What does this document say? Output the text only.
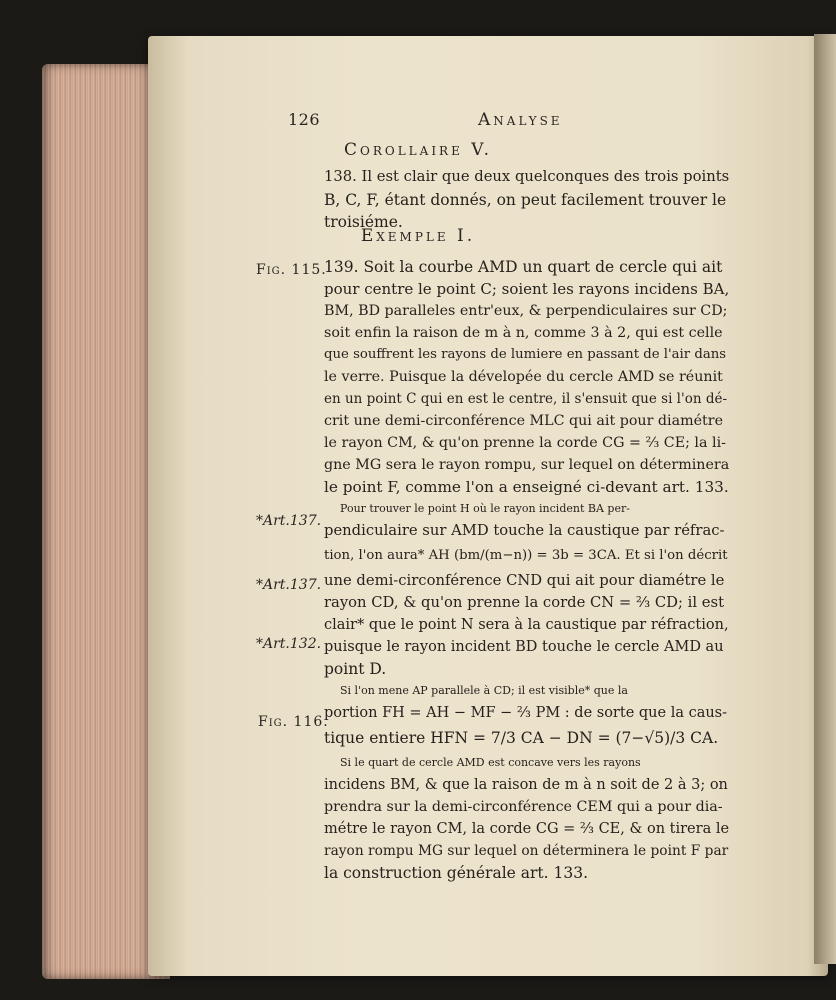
126	Analyse
Corollaire V.
Exemple I.
Fig. 115.
*Art.137.
*Art.137.
*Art.132.
Fig. 116.
138. Il est clair que deux quelconques des trois points
B, C, F, étant donnés, on peut facilement trouver le
troisiéme.
139. Soit la courbe AMD un quart de cercle qui ait
pour centre le point C; soient les rayons incidens BA,
BM, BD paralleles entr'eux, & perpendiculaires sur CD;
soit enfin la raison de m à n, comme 3 à 2, qui est celle
que souffrent les rayons de lumiere en passant de l'air dans
le verre. Puisque la dévelopée du cercle AMD se réunit
en un point C qui en est le centre, il s'ensuit que si l'on dé-
crit une demi-circonférence MLC qui ait pour diamétre
le rayon CM, & qu'on prenne la corde CG = ⅔ CE; la li-
gne MG sera le rayon rompu, sur lequel on déterminera
le point F, comme l'on a enseigné ci-devant art. 133.
Pour trouver le point H où le rayon incident BA per-
pendiculaire sur AMD touche la caustique par réfrac-
tion, l'on aura* AH (bm/(m−n)) = 3b = 3CA. Et si l'on décrit
une demi-circonférence CND qui ait pour diamétre le
rayon CD, & qu'on prenne la corde CN = ⅔ CD; il est
clair* que le point N sera à la caustique par réfraction,
puisque le rayon incident BD touche le cercle AMD au
point D.
Si l'on mene AP parallele à CD; il est visible* que la
portion FH = AH − MF − ⅔ PM : de sorte que la caus-
tique entiere HFN = 7/3 CA − DN = (7−√5)/3 CA.
Si le quart de cercle AMD est concave vers les rayons
incidens BM, & que la raison de m à n soit de 2 à 3; on
prendra sur la demi-circonférence CEM qui a pour dia-
métre le rayon CM, la corde CG = ⅔ CE, & on tirera le
rayon rompu MG sur lequel on déterminera le point F par
la construction générale art. 133.
